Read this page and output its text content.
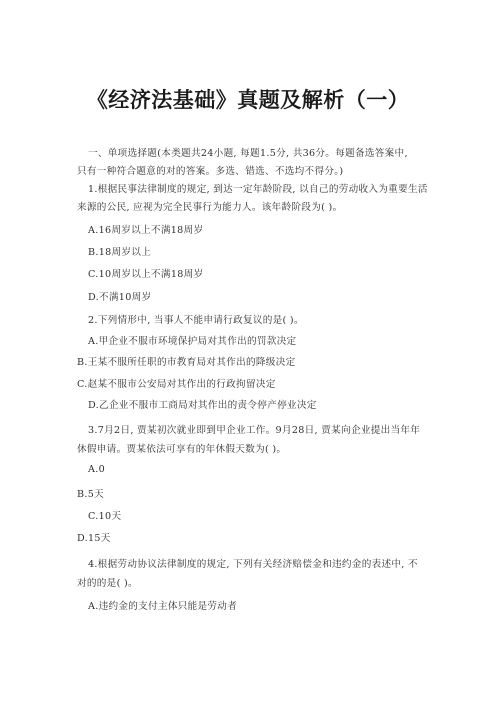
《经济法基础》真题及解析（一）
一、单项选择题(本类题共24小题, 每题1.5分, 共36分。每题备选答案中,
只有一种符合题意的对的答案。多选、错选、不选均不得分。)
1.根据民事法律制度的规定, 到达一定年龄阶段, 以自己的劳动收入为重要生活
来源的公民, 应视为完全民事行为能力人。该年龄阶段为( )。
A.16周岁以上不满18周岁
B.18周岁以上
C.10周岁以上不满18周岁
D.不满10周岁
2.下列情形中, 当事人不能申请行政复议的是( )。
A.甲企业不服市环境保护局对其作出的罚款决定
B.王某不服所任职的市教育局对其作出的降级决定
C.赵某不服市公安局对其作出的行政拘留决定
D.乙企业不服市工商局对其作出的责令停产停业决定
3.7月2日, 贾某初次就业即到甲企业工作。9月28日, 贾某向企业提出当年年
休假申请。贾某依法可享有的年休假天数为( )。
A.0
B.5天
C.10天
D.15天
4.根据劳动协议法律制度的规定, 下列有关经济赔偿金和违约金的表述中, 不
对的的是( )。
A.违约金的支付主体只能是劳动者
